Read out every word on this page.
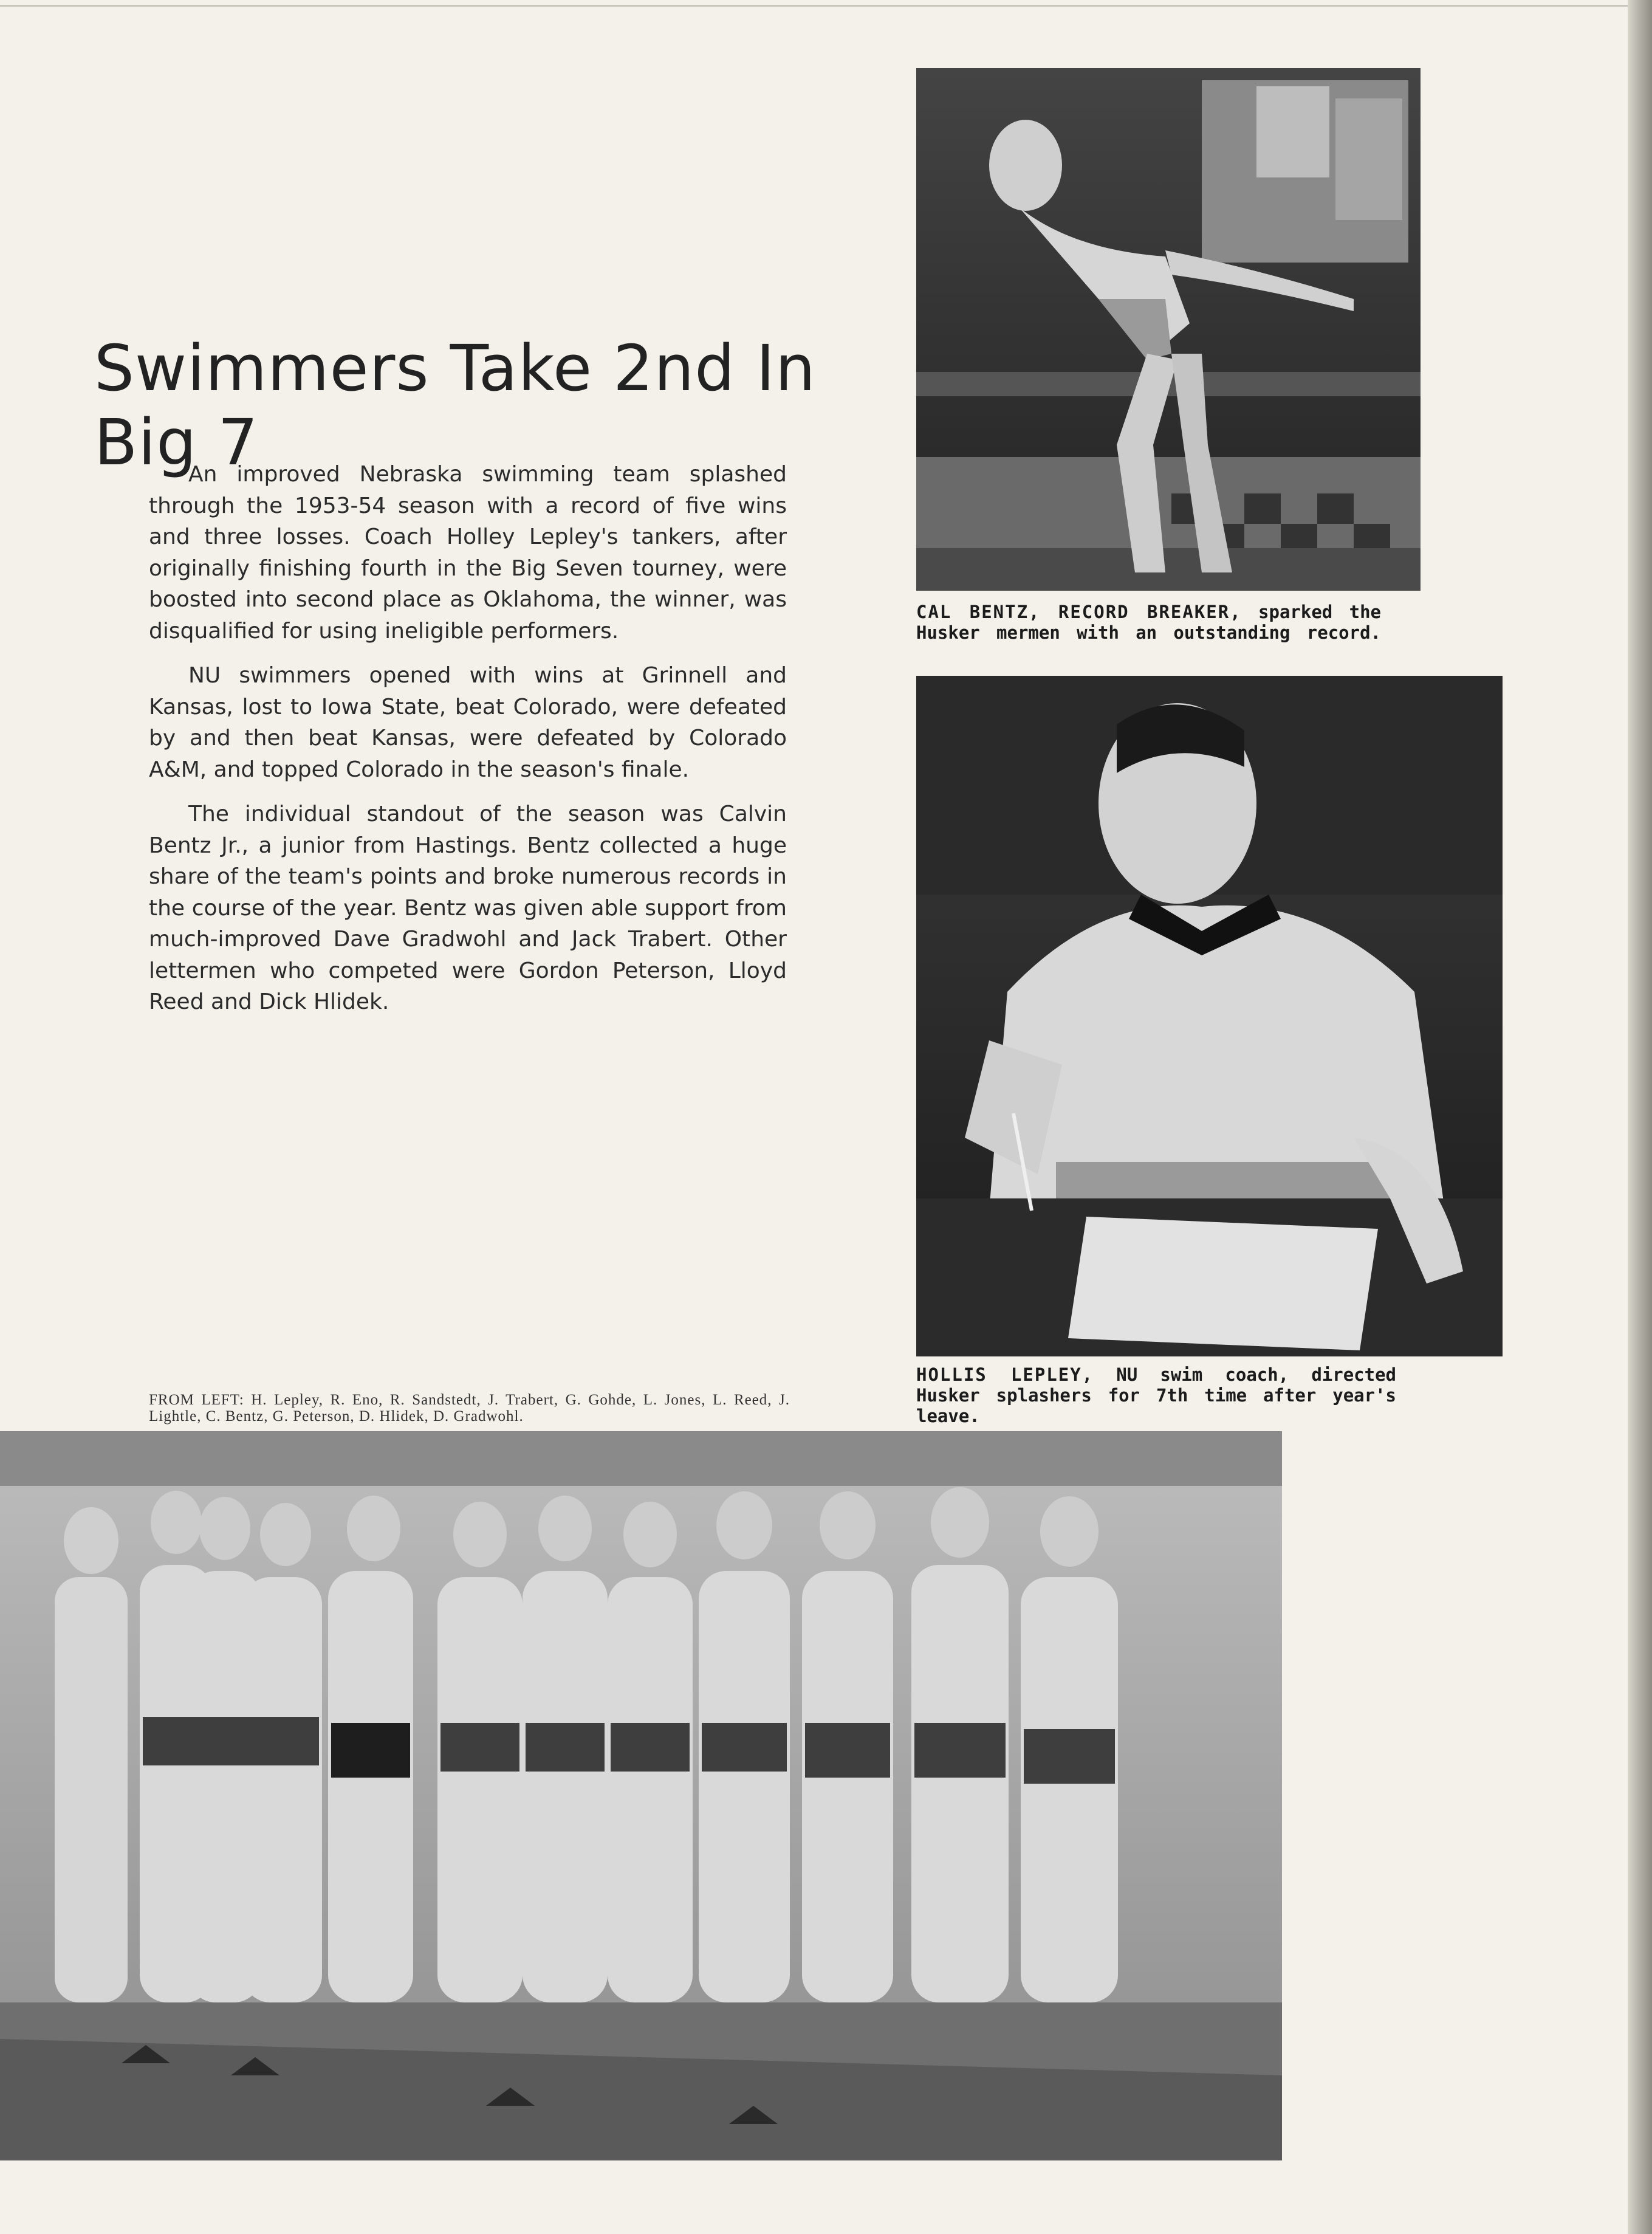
Swimmers Take 2nd In Big 7

An improved Nebraska swimming team splashed through the 1953-54 season with a record of five wins and three losses. Coach Holley Lepley's tankers, after originally finishing fourth in the Big Seven tourney, were boosted into second place as Oklahoma, the winner, was disqualified for using ineligible performers.

NU swimmers opened with wins at Grinnell and Kansas, lost to Iowa State, beat Colorado, were defeated by and then beat Kansas, were defeated by Colorado A&M, and topped Colorado in the season's finale.

The individual standout of the season was Calvin Bentz Jr., a junior from Hastings. Bentz collected a huge share of the team's points and broke numerous records in the course of the year. Bentz was given able support from much-improved Dave Gradwohl and Jack Trabert. Other lettermen who competed were Gordon Peterson, Lloyd Reed and Dick Hlidek.

CAL BENTZ, RECORD BREAKER, sparked the Husker mermen with an outstanding record.
HOLLIS LEPLEY, NU swim coach, directed Husker splashers for 7th time after year's leave.
FROM LEFT: H. Lepley, R. Eno, R. Sandstedt, J. Trabert, G. Gohde, L. Jones, L. Reed, J. Lightle, C. Bentz, G. Peterson, D. Hlidek, D. Gradwohl.
